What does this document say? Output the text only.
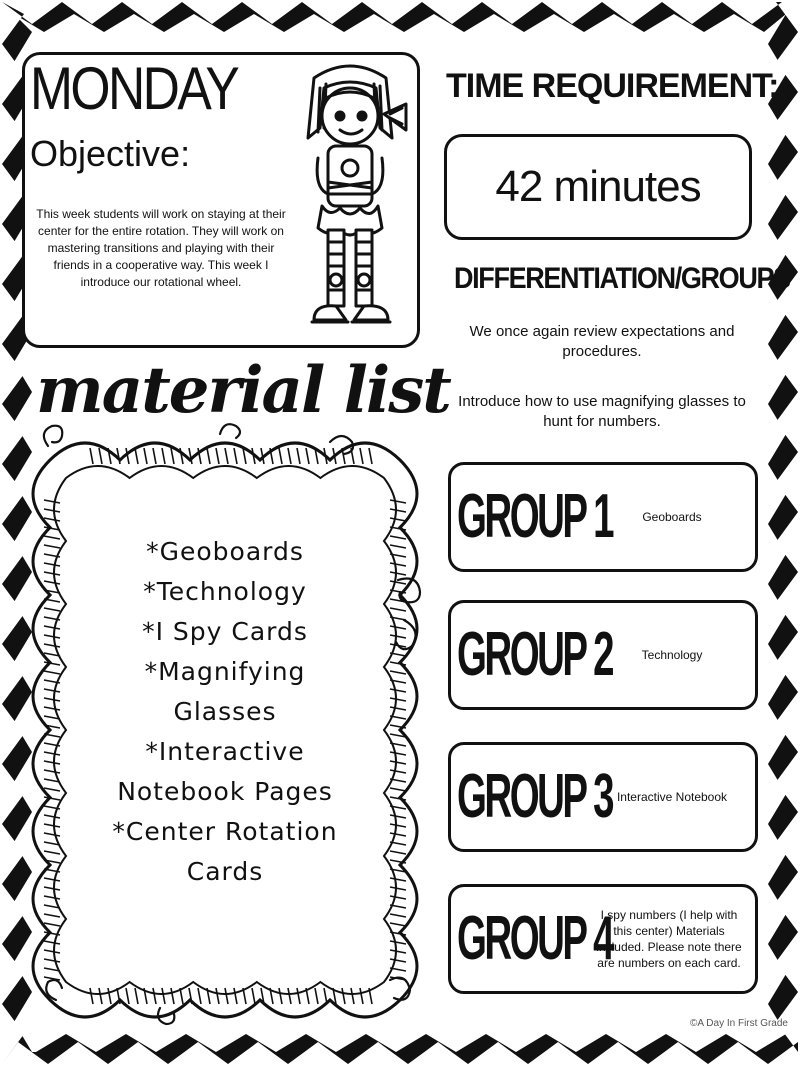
MONDAY
Objective:
This week students will work on staying at their center for the entire rotation. They will work on mastering transitions and playing with their friends in a cooperative way. This week I introduce our rotational wheel.
material list
*Geoboards
*Technology
*I Spy Cards
*Magnifying
Glasses
*Interactive
Notebook Pages
*Center Rotation
Cards
TIME REQUIREMENT:
42 minutes
DIFFERENTIATION/GROUPS
We once again review expectations and procedures.
Introduce how to use magnifying glasses to hunt for numbers.
GROUP 1	Geoboards
GROUP 2	Technology
GROUP 3 Interactive Notebook
GROUP 4
I spy numbers (I help with this center) Materials included. Please note there are numbers on each card.
©A Day In First Grade
